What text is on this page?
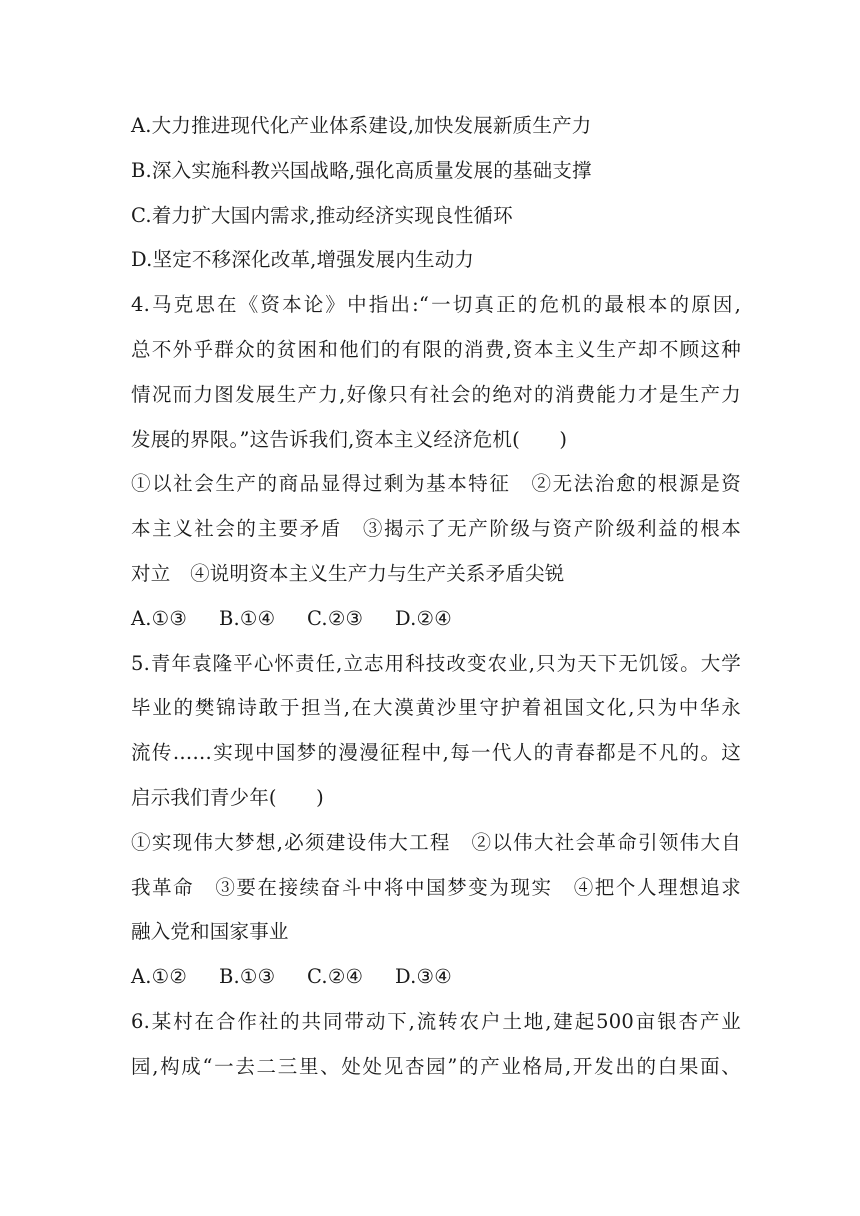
A.大力推进现代化产业体系建设,加快发展新质生产力
B.深入实施科教兴国战略,强化高质量发展的基础支撑
C.着力扩大国内需求,推动经济实现良性循环
D.坚定不移深化改革,增强发展内生动力
4.马克思在《资本论》中指出:“一切真正的危机的最根本的原因,
总不外乎群众的贫困和他们的有限的消费,资本主义生产却不顾这种
情况而力图发展生产力,好像只有社会的绝对的消费能力才是生产力
发展的界限。”这告诉我们,资本主义经济危机(　　)
①以社会生产的商品显得过剩为基本特征　②无法治愈的根源是资
本主义社会的主要矛盾　③揭示了无产阶级与资产阶级利益的根本
对立　④说明资本主义生产力与生产关系矛盾尖锐
A.①③	B.①④	C.②③	D.②④
5.青年袁隆平心怀责任,立志用科技改变农业,只为天下无饥馁。大学
毕业的樊锦诗敢于担当,在大漠黄沙里守护着祖国文化,只为中华永
流传……实现中国梦的漫漫征程中,每一代人的青春都是不凡的。这
启示我们青少年(　　)
①实现伟大梦想,必须建设伟大工程　②以伟大社会革命引领伟大自
我革命　③要在接续奋斗中将中国梦变为现实　④把个人理想追求
融入党和国家事业
A.①②	B.①③	C.②④	D.③④
6.某村在合作社的共同带动下,流转农户土地,建起500亩银杏产业
园,构成“一去二三里、处处见杏园”的产业格局,开发出的白果面、
